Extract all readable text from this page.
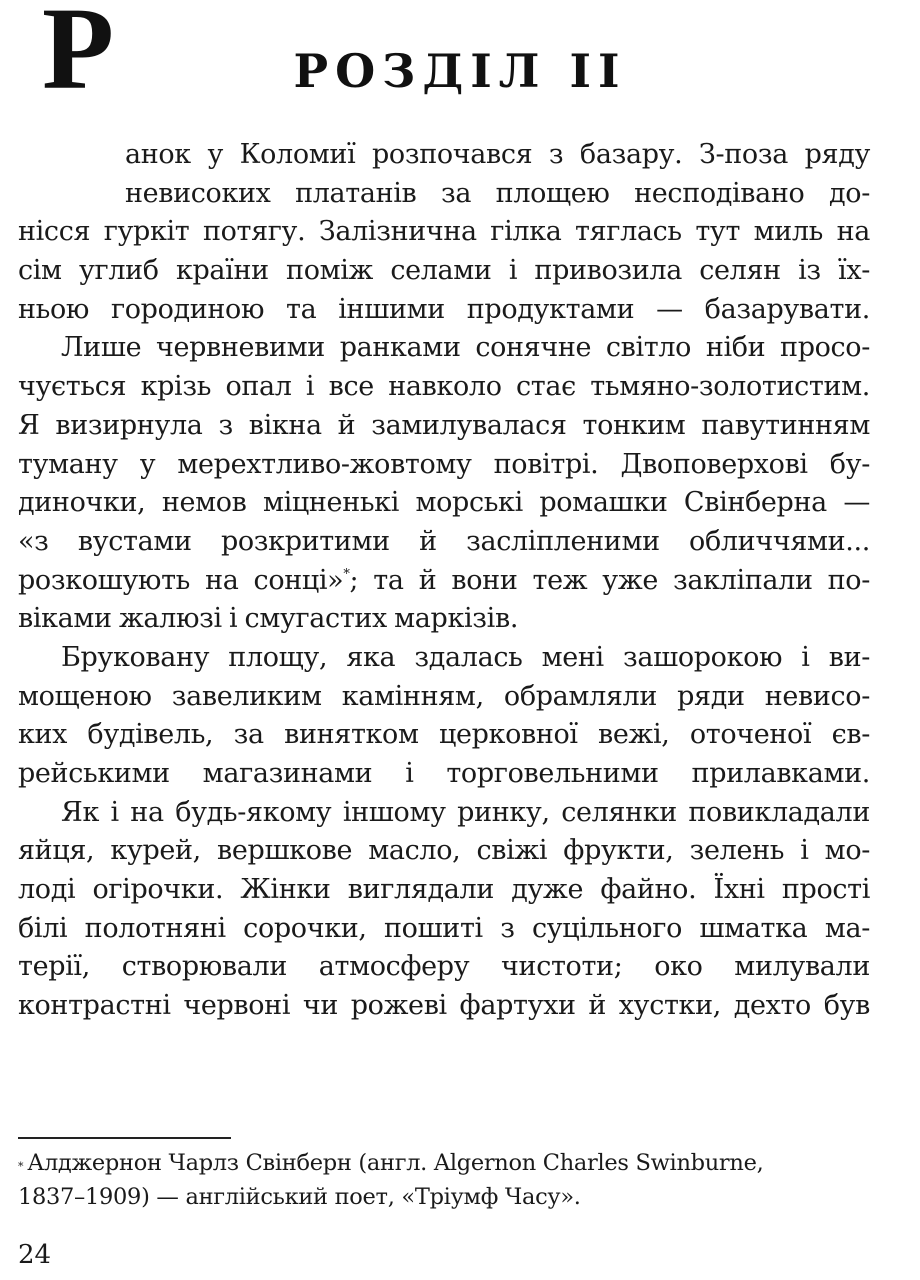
РОЗДІЛ II
Р
анок у Коломиї розпочався з базару. З-поза ряду
невисоких платанів за площею несподівано до-
нісся гуркіт потягу. Залізнична гілка тяглась тут миль на
сім углиб країни поміж селами і привозила селян із їх-
ньою городиною та іншими продуктами — базарувати.
Лише червневими ранками сонячне світло ніби просо-
чується крізь опал і все навколо стає тьмяно-золотистим.
Я визирнула з вікна й замилувалася тонким павутинням
туману у мерехтливо-жовтому повітрі. Двоповерхові бу-
диночки, немов міцненькі морські ромашки Свінберна —
«з вустами розкритими й засліпленими обличчями...
розкошують на сонці»*; та й вони теж уже закліпали по-
віками жалюзі і смугастих маркізів.
Бруковану площу, яка здалась мені зашорокою і ви-
мощеною завеликим камінням, обрамляли ряди невисо-
ких будівель, за винятком церковної вежі, оточеної єв-
рейськими магазинами і торговельними прилавками.
Як і на будь-якому іншому ринку, селянки повикладали
яйця, курей, вершкове масло, свіжі фрукти, зелень і мо-
лоді огірочки. Жінки виглядали дуже файно. Їхні прості
білі полотняні сорочки, пошиті з суцільного шматка ма-
терії, створювали атмосферу чистоти; око милували
контрастні червоні чи рожеві фартухи й хустки, дехто був
* Алджернон Чарлз Свінберн (англ. Algernon Charles Swinburne,
1837–1909) — англійський поет, «Тріумф Часу».
24
